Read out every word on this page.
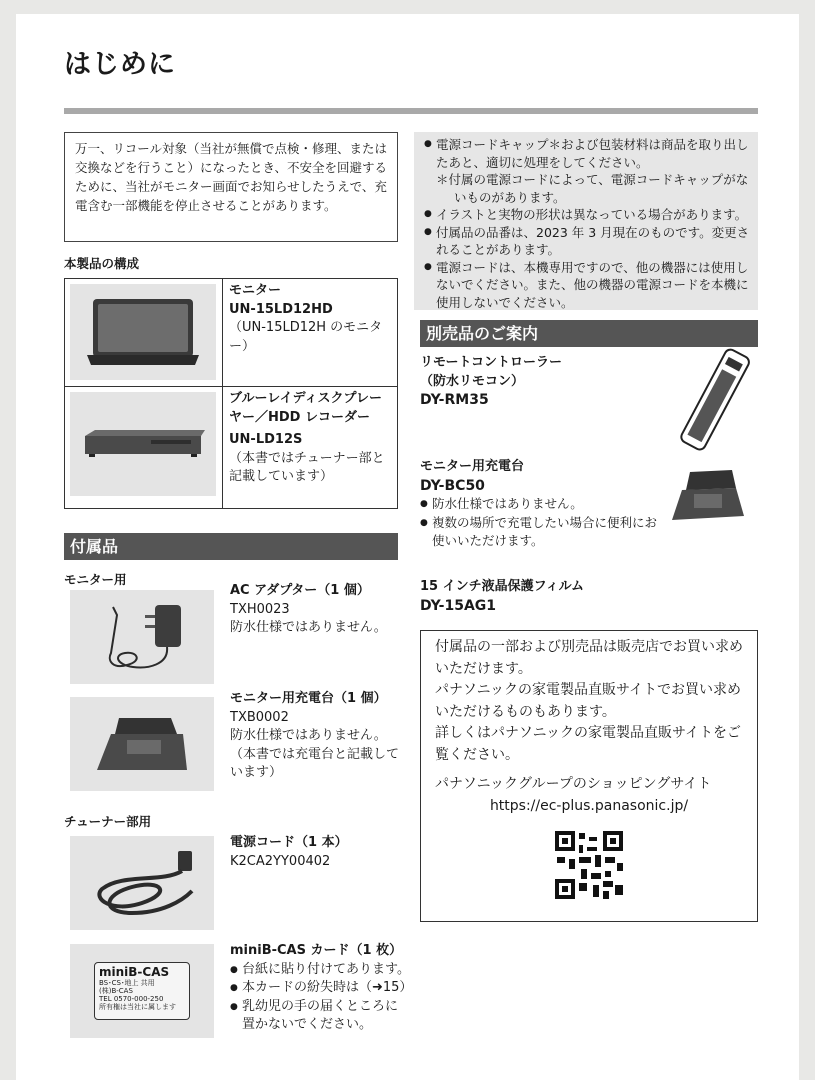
はじめに
万一、リコール対象（当社が無償で点検・修理、または交換などを行うこと）になったとき、不安全を回避するために、当社がモニター画面でお知らせしたうえで、充電含む一部機能を停止させることがあります。
● 電源コードキャップ＊および包装材料は商品を取り出したあと、適切に処理をしてください。
＊付属の電源コードによって、電源コードキャップがないものがあります。
● イラストと実物の形状は異なっている場合があります。
● 付属品の品番は、2023 年 3 月現在のものです。変更されることがあります。
● 電源コードは、本機専用ですので、他の機器には使用しないでください。また、他の機器の電源コードを本機に使用しないでください。
本製品の構成

モニター
UN-15LD12HD
（UN-15LD12H のモニター）

ブルーレイディスクプレーヤー／HDD レコーダー
UN-LD12S
（本書ではチューナー部と記載しています）
付属品
モニター用
AC アダプター（1 個）
TXH0023
防水仕様ではありません。
モニター用充電台（1 個）
TXB0002
防水仕様ではありません。
（本書では充電台と記載しています）
チューナー部用
電源コード（1 本）
K2CA2YY00402
miniB-CAS
BS･CS･地上 共用
(株)B-CAS
TEL 0570-000-250
所有権は当社に属します
miniB-CAS カード（1 枚）
● 台紙に貼り付けてあります。
● 本カードの紛失時は（➜15）
● 乳幼児の手の届くところに置かないでください。
別売品のご案内
リモートコントローラー
（防水リモコン）
DY-RM35
モニター用充電台
DY-BC50
● 防水仕様ではありません。
● 複数の場所で充電したい場合に便利にお使いいただけます。
15 インチ液晶保護フィルム
DY-15AG1
付属品の一部および別売品は販売店でお買い求めいただけます。
パナソニックの家電製品直販サイトでお買い求めいただけるものもあります。
詳しくはパナソニックの家電製品直販サイトをご覧ください。
パナソニックグループのショッピングサイト
https://ec-plus.panasonic.jp/
